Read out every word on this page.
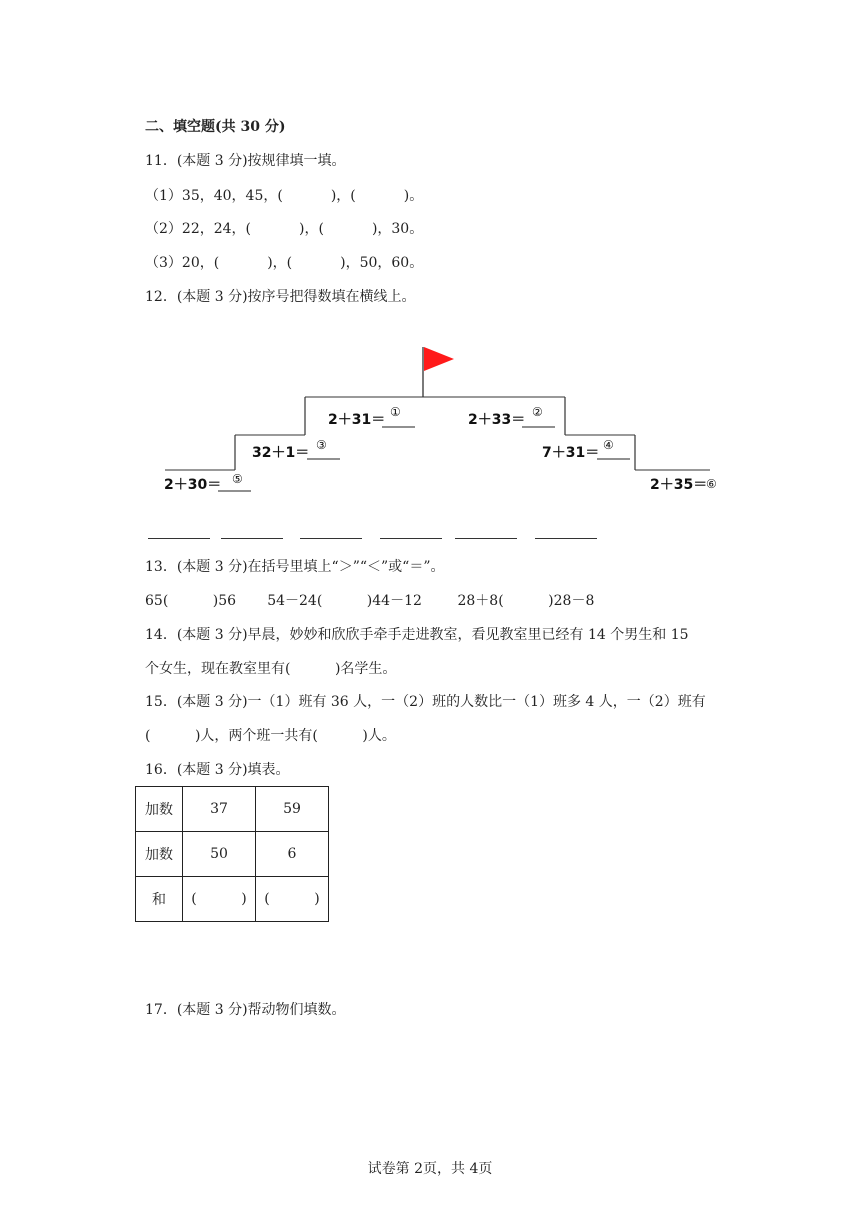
二、填空题(共 30 分)
11．(本题 3 分)按规律填一填。
（1）35，40，45，(	)，(	)。
（2）22，24，(	)，(	)，30。
（3）20，(	)，(	)，50，60。
12．(本题 3 分)按序号把得数填在横线上。
2＋31＝ ①	2＋33＝ ②
32＋1＝ ③	7＋31＝ ④
2＋30＝ ⑤	2＋35＝
⑥
13．(本题 3 分)在括号里填上“＞”“＜”或“＝”。
65(          )56       54－24(          )44－12        28＋8(          )28－8
14．(本题 3 分)早晨，妙妙和欣欣手牵手走进教室，看见教室里已经有 14 个男生和 15
个女生，现在教室里有(          )名学生。
15．(本题 3 分)一（1）班有 36 人，一（2）班的人数比一（1）班多 4 人，一（2）班有
(          )人，两个班一共有(          )人。
16．(本题 3 分)填表。
加数	37	59
加数	50	6
和	(          )	(          )
17．(本题 3 分)帮动物们填数。
试卷第 2页，共 4页
